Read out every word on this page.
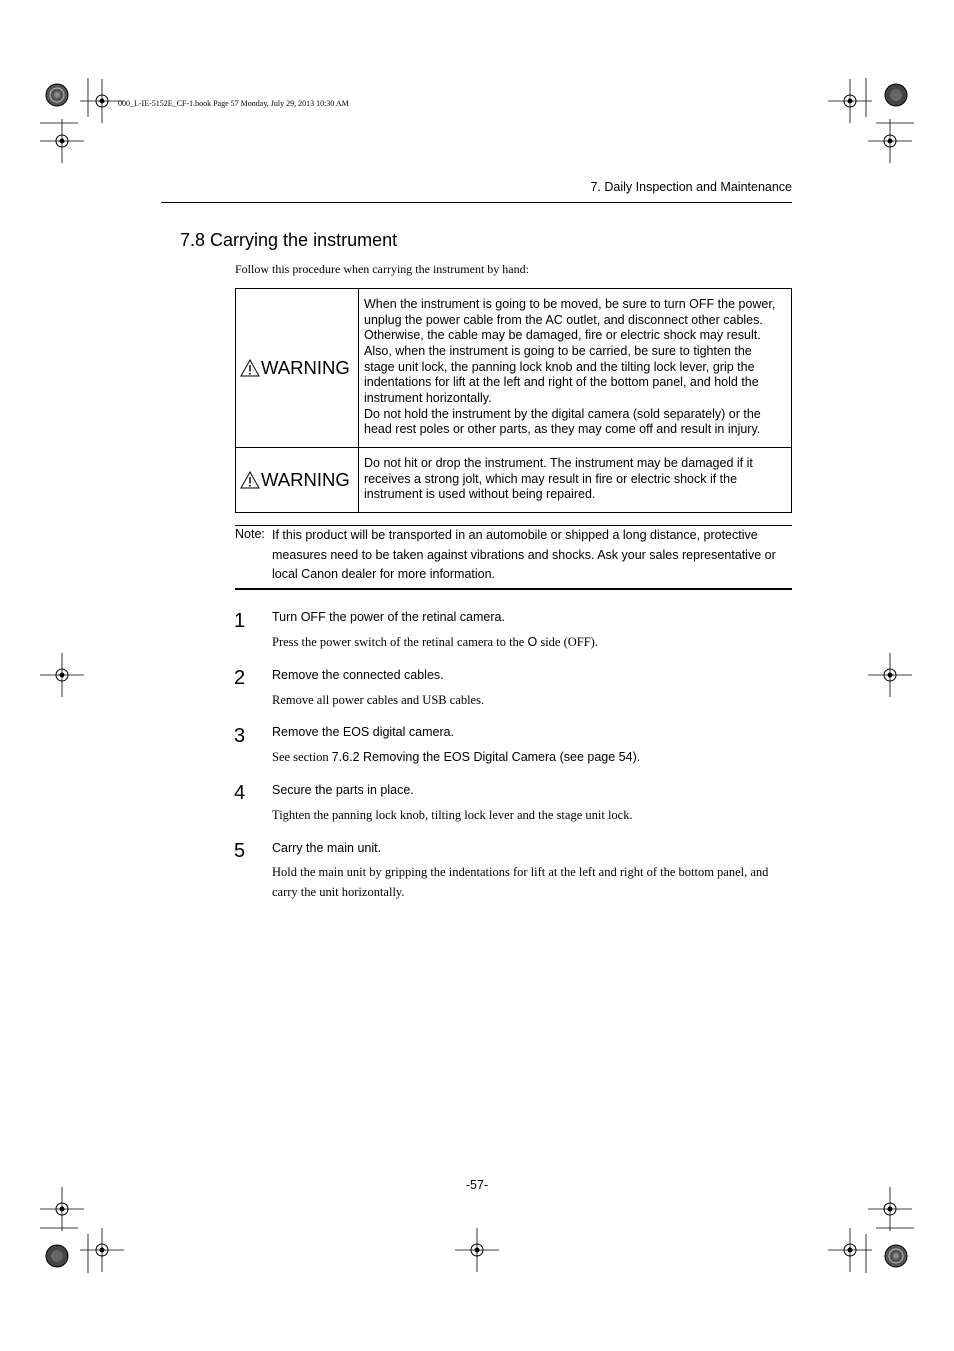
000_L-IE-5152E_CF-1.book Page 57 Monday, July 29, 2013 10:30 AM
7. Daily Inspection and Maintenance
7.8 Carrying the instrument
Follow this procedure when carrying the instrument by hand:
WARNING	When the instrument is going to be moved, be sure to turn OFF the power, unplug the power cable from the AC outlet, and disconnect other cables. Otherwise, the cable may be damaged, fire or electric shock may result. Also, when the instrument is going to be carried, be sure to tighten the stage unit lock, the panning lock knob and the tilting lock lever, grip the indentations for lift at the left and right of the bottom panel, and hold the instrument horizontally.
Do not hold the instrument by the digital camera (sold separately) or the head rest poles or other parts, as they may come off and result in injury.

WARNING	Do not hit or drop the instrument. The instrument may be damaged if it receives a strong jolt, which may result in fire or electric shock if the instrument is used without being repaired.
Note: If this product will be transported in an automobile or shipped a long distance, protective measures need to be taken against vibrations and shocks. Ask your sales representative or local Canon dealer for more information.
1 Turn OFF the power of the retinal camera.
Press the power switch of the retinal camera to the O side (OFF).
2 Remove the connected cables.
Remove all power cables and USB cables.
3 Remove the EOS digital camera.
See section 7.6.2 Removing the EOS Digital Camera (see page 54).
4 Secure the parts in place.
Tighten the panning lock knob, tilting lock lever and the stage unit lock.
5 Carry the main unit.
Hold the main unit by gripping the indentations for lift at the left and right of the bottom panel, and carry the unit horizontally.
-57-
